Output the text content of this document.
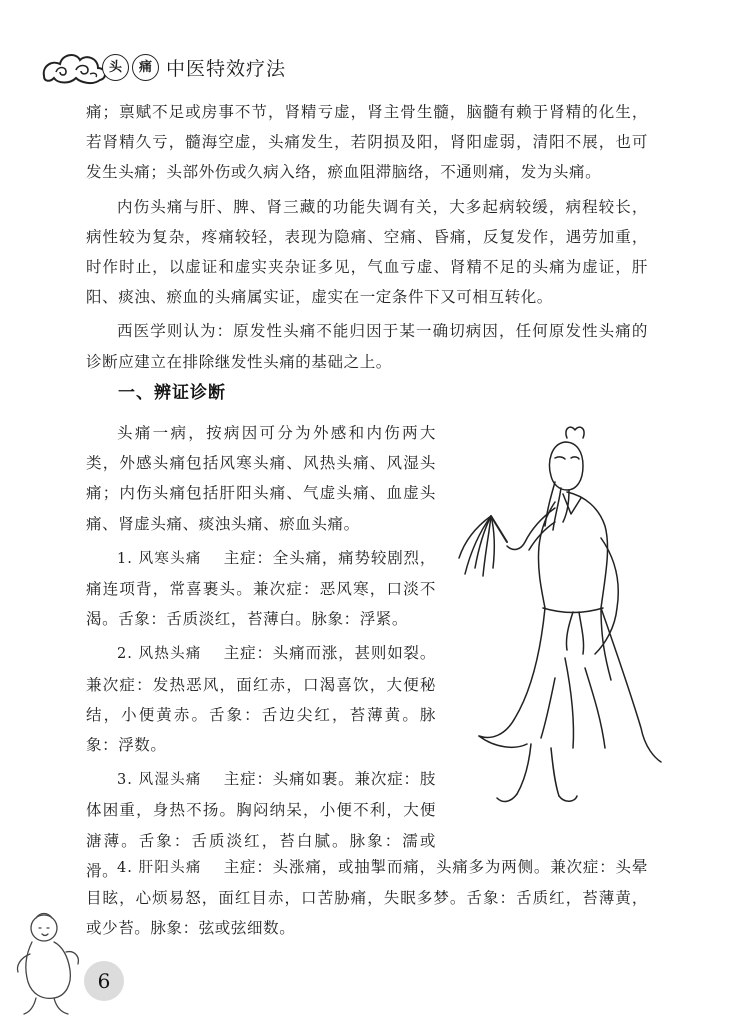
头	痛 中医特效疗法

痛；禀赋不足或房事不节，肾精亏虚，肾主骨生髓，脑髓有赖于肾精的化生，若肾精久亏，髓海空虚，头痛发生，若阴损及阳，肾阳虚弱，清阳不展，也可发生头痛；头部外伤或久病入络，瘀血阻滞脑络，不通则痛，发为头痛。

内伤头痛与肝、脾、肾三藏的功能失调有关，大多起病较缓，病程较长，病性较为复杂，疼痛较轻，表现为隐痛、空痛、昏痛，反复发作，遇劳加重，时作时止，以虚证和虚实夹杂证多见，气血亏虚、肾精不足的头痛为虚证，肝阳、痰浊、瘀血的头痛属实证，虚实在一定条件下又可相互转化。

西医学则认为：原发性头痛不能归因于某一确切病因，任何原发性头痛的诊断应建立在排除继发性头痛的基础之上。

一、辨证诊断

头痛一病，按病因可分为外感和内伤两大类，外感头痛包括风寒头痛、风热头痛、风湿头痛；内伤头痛包括肝阳头痛、气虚头痛、血虚头痛、肾虚头痛、痰浊头痛、瘀血头痛。

1. 风寒头痛　 主症：全头痛，痛势较剧烈，痛连项背，常喜裹头。兼次症：恶风寒，口淡不渴。舌象：舌质淡红，苔薄白。脉象：浮紧。

2. 风热头痛　 主症：头痛而涨，甚则如裂。兼次症：发热恶风，面红赤，口渴喜饮，大便秘结，小便黄赤。舌象：舌边尖红，苔薄黄。脉象：浮数。

3. 风湿头痛　 主症：头痛如裹。兼次症：肢体困重，身热不扬。胸闷纳呆，小便不利，大便溏薄。舌象：舌质淡红，苔白腻。脉象：濡或滑。

4. 肝阳头痛　 主症：头涨痛，或抽掣而痛，头痛多为两侧。兼次症：头晕目眩，心烦易怒，面红目赤，口苦胁痛，失眠多梦。舌象：舌质红，苔薄黄，或少苔。脉象：弦或弦细数。

6
